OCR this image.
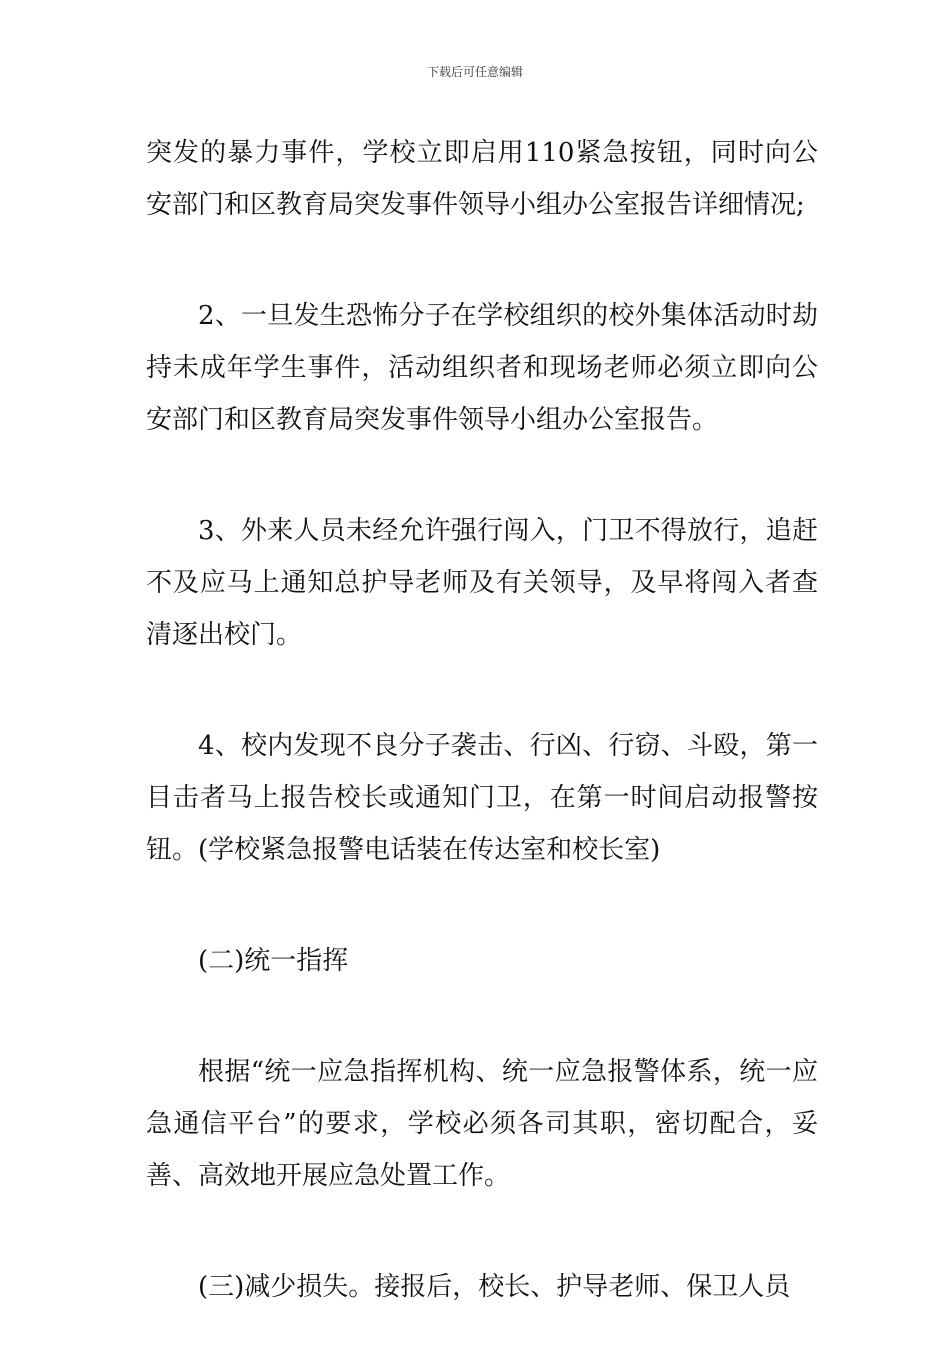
下载后可任意编辑

突发的暴力事件，学校立即启用110紧急按钮，同时向公安部门和区教育局突发事件领导小组办公室报告详细情况;

2、一旦发生恐怖分子在学校组织的校外集体活动时劫持未成年学生事件，活动组织者和现场老师必须立即向公安部门和区教育局突发事件领导小组办公室报告。

3、外来人员未经允许强行闯入，门卫不得放行，追赶不及应马上通知总护导老师及有关领导，及早将闯入者查清逐出校门。

4、校内发现不良分子袭击、行凶、行窃、斗殴，第一目击者马上报告校长或通知门卫，在第一时间启动报警按钮。(学校紧急报警电话装在传达室和校长室)

(二)统一指挥

根据“统一应急指挥机构、统一应急报警体系，统一应急通信平台”的要求，学校必须各司其职，密切配合，妥善、高效地开展应急处置工作。

(三)减少损失。接报后，校长、护导老师、保卫人员
